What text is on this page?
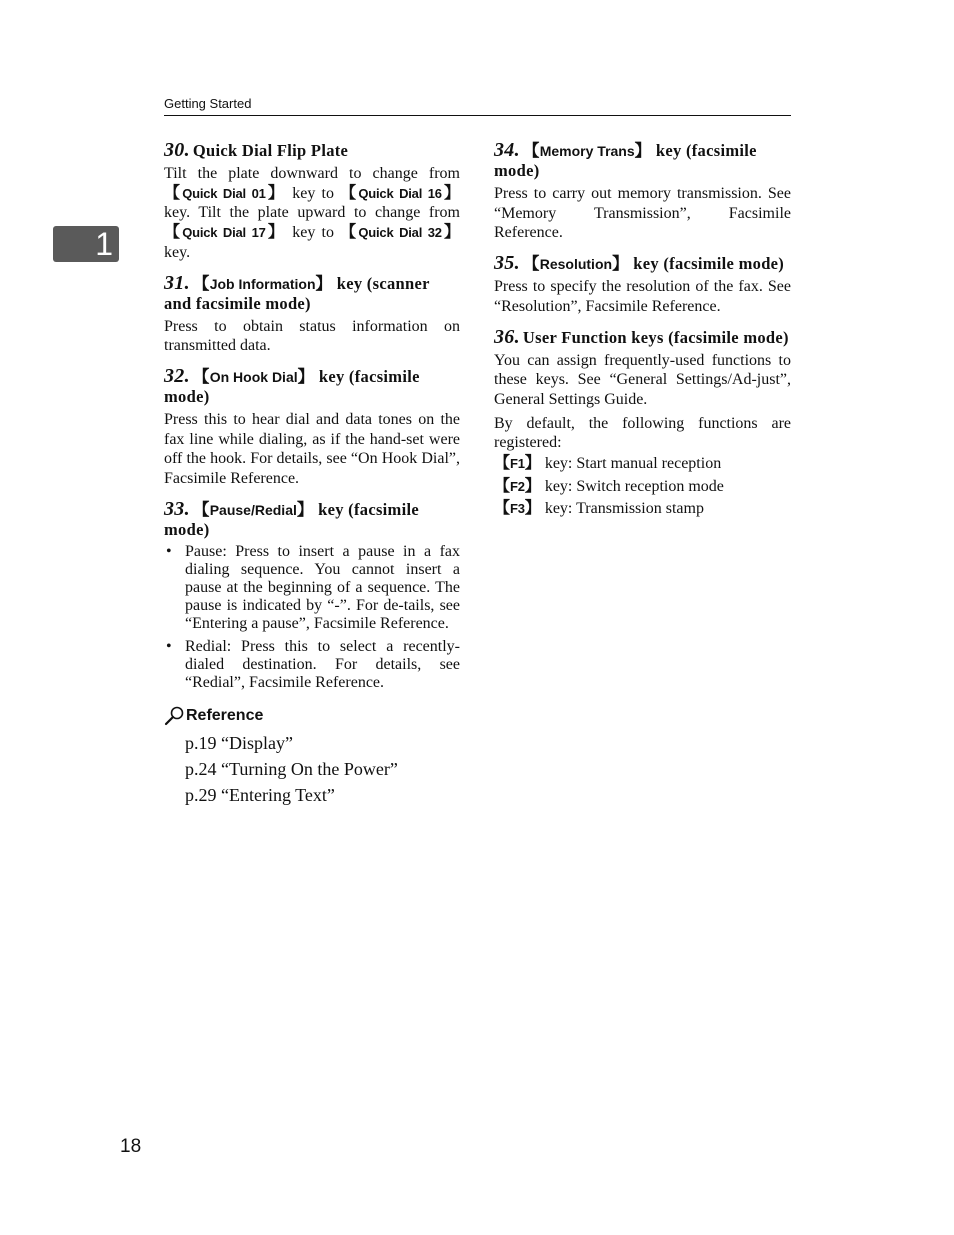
Getting Started
1
30. Quick Dial Flip Plate

Tilt the plate downward to change from 【Quick Dial 01】 key to 【Quick Dial 16】 key. Tilt the plate upward to change from 【Quick Dial 17】 key to 【Quick Dial 32】 key.

31. 【Job Information】 key (scanner and facsimile mode)

Press to obtain status information on transmitted data.

32. 【On Hook Dial】 key (facsimile mode)

Press this to hear dial and data tones on the fax line while dialing, as if the hand-set were off the hook. For details, see “On Hook Dial”, Facsimile Reference.

33. 【Pause/Redial】 key (facsimile mode)
• Pause: Press to insert a pause in a fax dialing sequence. You cannot insert a pause at the beginning of a sequence. The pause is indicated by “-”. For de-tails, see “Entering a pause”, Facsimile Reference.
• Redial: Press this to select a recently-dialed destination. For details, see “Redial”, Facsimile Reference.
Reference
p.19 “Display”
p.24 “Turning On the Power”
p.29 “Entering Text”
34. 【Memory Trans】 key (facsimile mode)

Press to carry out memory transmission. See “Memory Transmission”, Facsimile Reference.

35. 【Resolution】 key (facsimile mode)

Press to specify the resolution of the fax. See “Resolution”, Facsimile Reference.

36. User Function keys (facsimile mode)

You can assign frequently-used functions to these keys. See “General Settings/Ad-just”, General Settings Guide.

By default, the following functions are registered:

【F1】 key: Start manual reception
【F2】 key: Switch reception mode
【F3】 key: Transmission stamp
18
